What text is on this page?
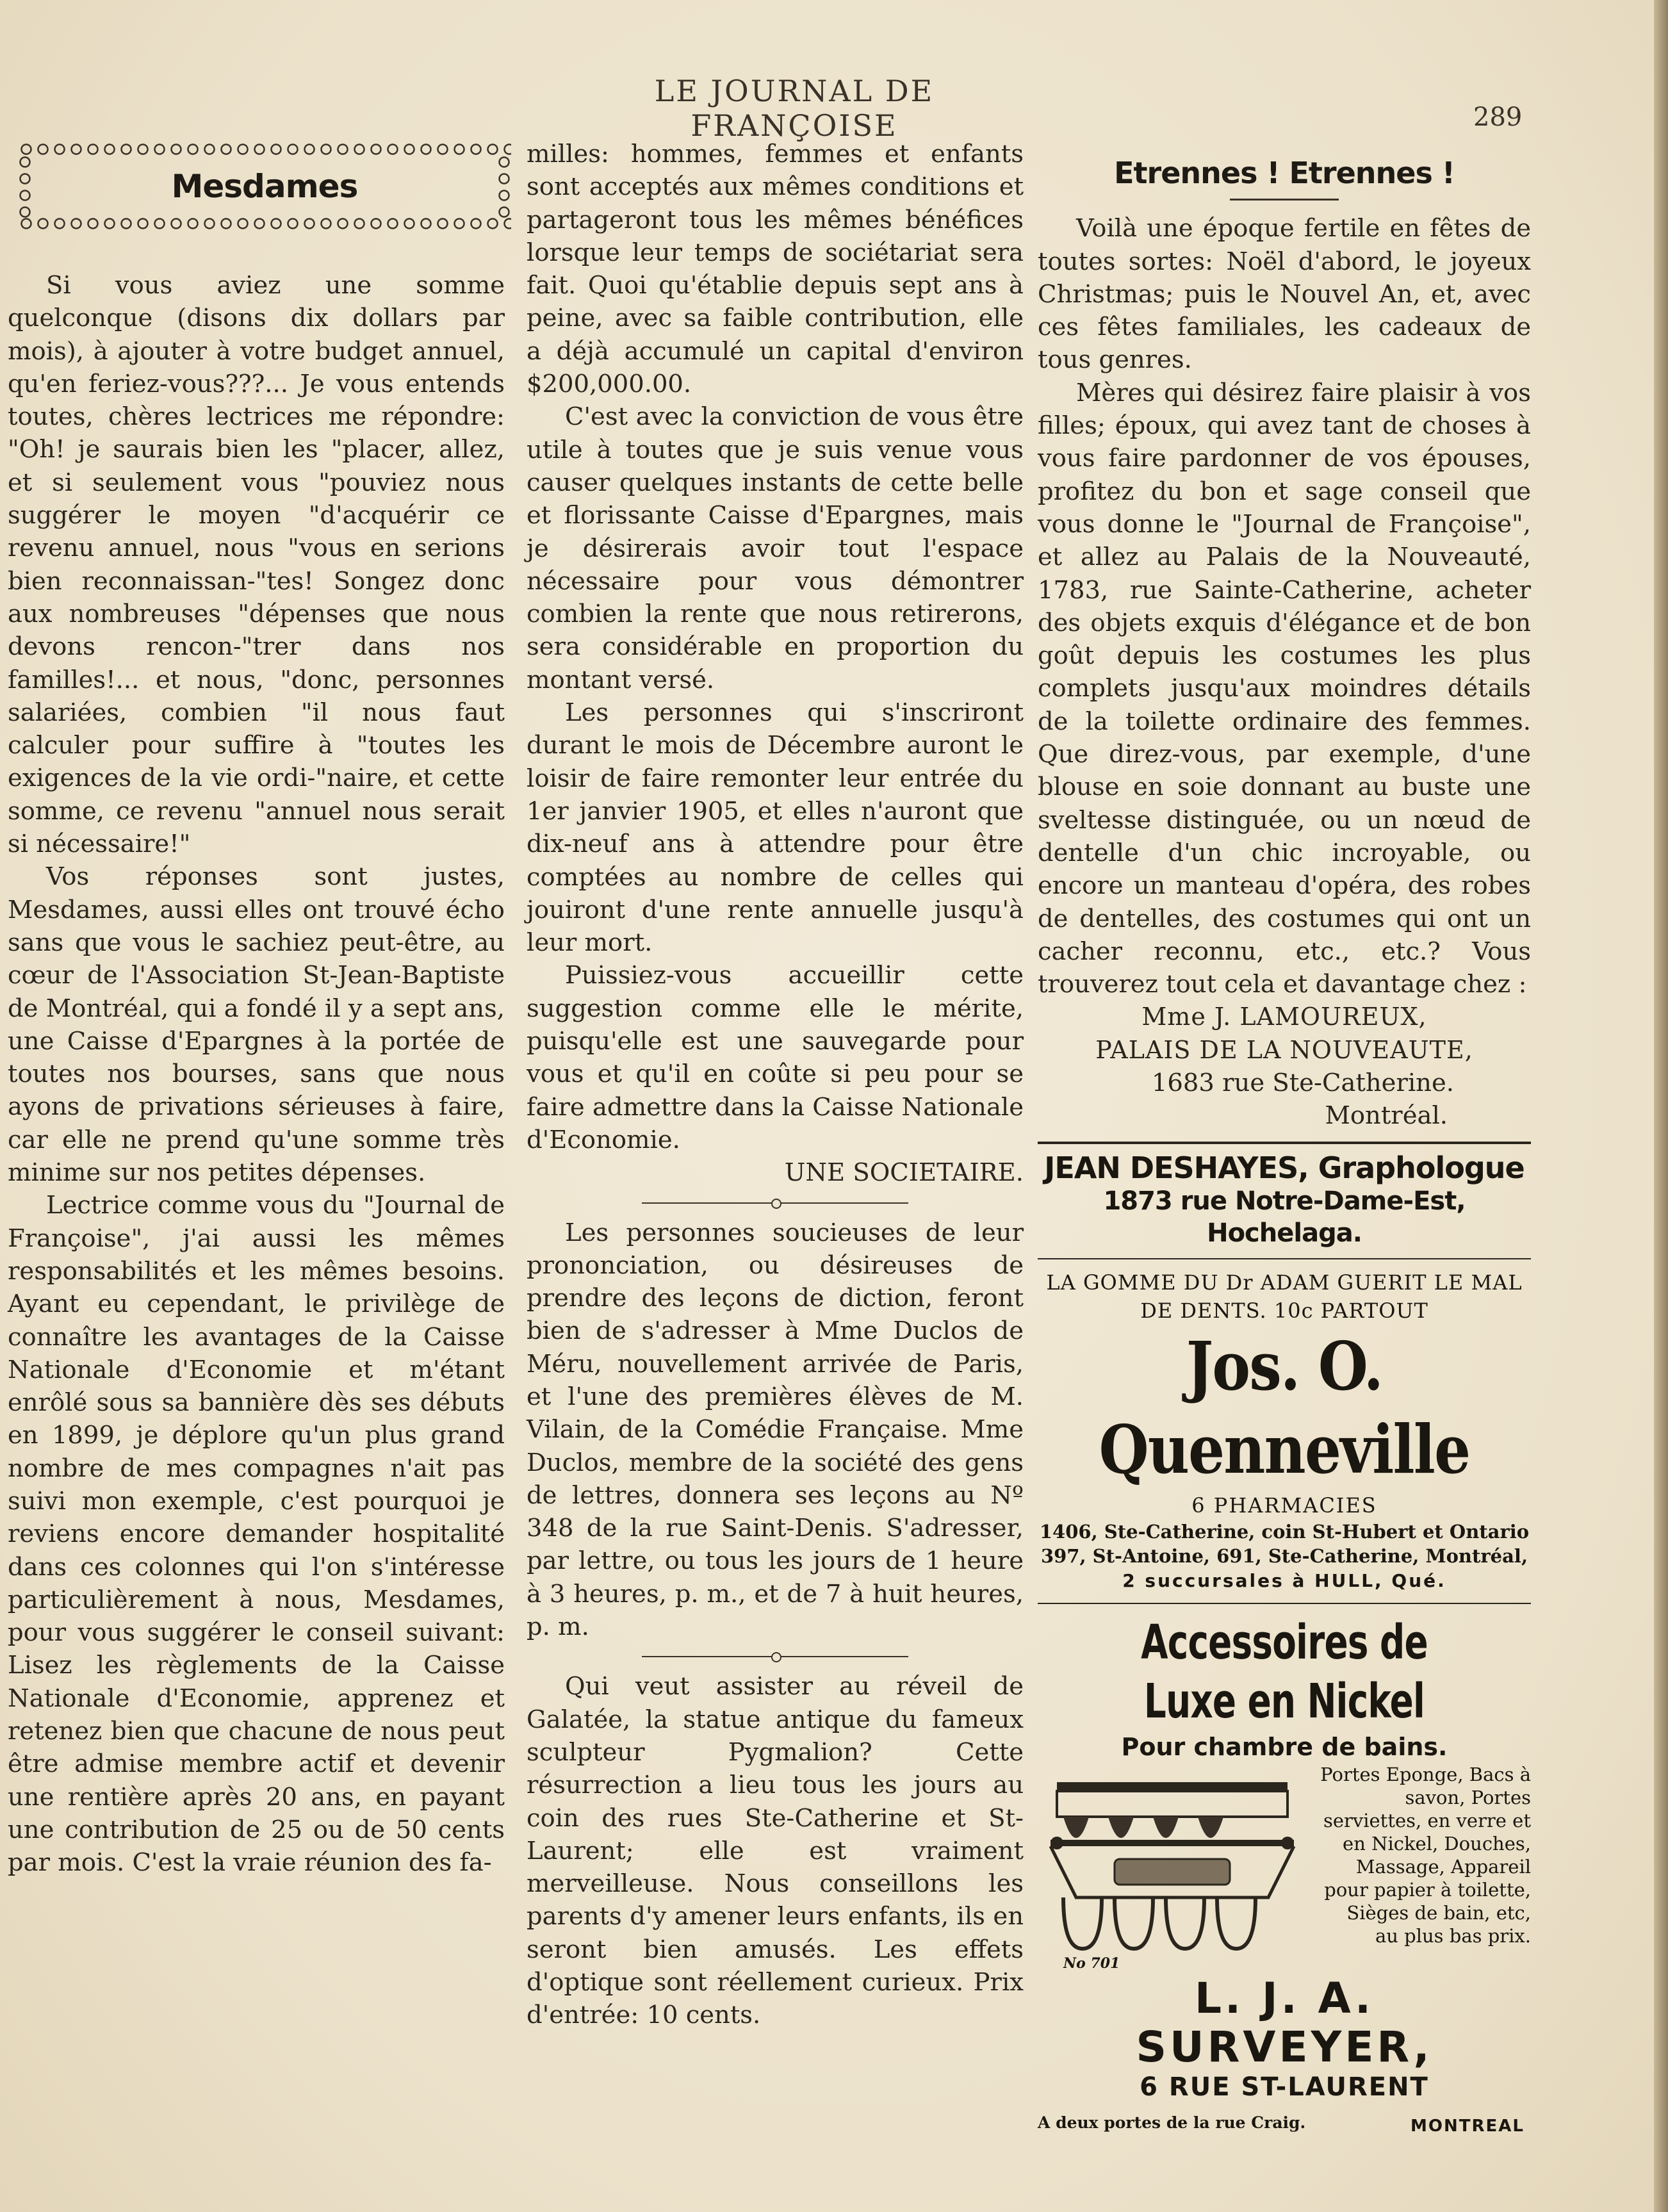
LE JOURNAL DE FRANÇOISE	289
Mesdames

Si vous aviez une somme quelconque (disons dix dollars par mois), à ajouter à votre budget annuel, qu'en feriez-vous???... Je vous entends toutes, chères lectrices me répondre: "Oh! je saurais bien les "placer, allez, et si seulement vous "pouviez nous suggérer le moyen "d'acquérir ce revenu annuel, nous "vous en serions bien reconnaissan-"tes! Songez donc aux nombreuses "dépenses que nous devons rencon-"trer dans nos familles!... et nous, "donc, personnes salariées, combien "il nous faut calculer pour suffire à "toutes les exigences de la vie ordi-"naire, et cette somme, ce revenu "annuel nous serait si nécessaire!"

Vos réponses sont justes, Mesdames, aussi elles ont trouvé écho sans que vous le sachiez peut-être, au cœur de l'Association St-Jean-Baptiste de Montréal, qui a fondé il y a sept ans, une Caisse d'Epargnes à la portée de toutes nos bourses, sans que nous ayons de privations sérieuses à faire, car elle ne prend qu'une somme très minime sur nos petites dépenses.

Lectrice comme vous du "Journal de Françoise", j'ai aussi les mêmes responsabilités et les mêmes besoins. Ayant eu cependant, le privilège de connaître les avantages de la Caisse Nationale d'Economie et m'étant enrôlé sous sa bannière dès ses débuts en 1899, je déplore qu'un plus grand nombre de mes compagnes n'ait pas suivi mon exemple, c'est pourquoi je reviens encore demander hospitalité dans ces colonnes qui l'on s'intéresse particulièrement à nous, Mesdames, pour vous suggérer le conseil suivant: Lisez les règlements de la Caisse Nationale d'Economie, apprenez et retenez bien que chacune de nous peut être admise membre actif et devenir une rentière après 20 ans, en payant une contribution de 25 ou de 50 cents par mois. C'est la vraie réunion des fa-

milles: hommes, femmes et enfants sont acceptés aux mêmes conditions et partageront tous les mêmes bénéfices lorsque leur temps de sociétariat sera fait. Quoi qu'établie depuis sept ans à peine, avec sa faible contribution, elle a déjà accumulé un capital d'environ $200,000.00.

C'est avec la conviction de vous être utile à toutes que je suis venue vous causer quelques instants de cette belle et florissante Caisse d'Epargnes, mais je désirerais avoir tout l'espace nécessaire pour vous démontrer combien la rente que nous retirerons, sera considérable en proportion du montant versé.

Les personnes qui s'inscriront durant le mois de Décembre auront le loisir de faire remonter leur entrée du 1er janvier 1905, et elles n'auront que dix-neuf ans à attendre pour être comptées au nombre de celles qui jouiront d'une rente annuelle jusqu'à leur mort.

Puissiez-vous accueillir cette suggestion comme elle le mérite, puisqu'elle est une sauvegarde pour vous et qu'il en coûte si peu pour se faire admettre dans la Caisse Nationale d'Economie.

UNE SOCIETAIRE.

Les personnes soucieuses de leur prononciation, ou désireuses de prendre des leçons de diction, feront bien de s'adresser à Mme Duclos de Méru, nouvellement arrivée de Paris, et l'une des premières élèves de M. Vilain, de la Comédie Française. Mme Duclos, membre de la société des gens de lettres, donnera ses leçons au Nº 348 de la rue Saint-Denis. S'adresser, par lettre, ou tous les jours de 1 heure à 3 heures, p. m., et de 7 à huit heures, p. m.

Qui veut assister au réveil de Galatée, la statue antique du fameux sculpteur Pygmalion? Cette résurrection a lieu tous les jours au coin des rues Ste-Catherine et St-Laurent; elle est vraiment merveilleuse. Nous conseillons les parents d'y amener leurs enfants, ils en seront bien amusés. Les effets d'optique sont réellement curieux. Prix d'entrée: 10 cents.

Etrennes ! Etrennes !

Voilà une époque fertile en fêtes de toutes sortes: Noël d'abord, le joyeux Christmas; puis le Nouvel An, et, avec ces fêtes familiales, les cadeaux de tous genres.

Mères qui désirez faire plaisir à vos filles; époux, qui avez tant de choses à vous faire pardonner de vos épouses, profitez du bon et sage conseil que vous donne le "Journal de Françoise", et allez au Palais de la Nouveauté, 1783, rue Sainte-Catherine, acheter des objets exquis d'élégance et de bon goût depuis les costumes les plus complets jusqu'aux moindres détails de la toilette ordinaire des femmes. Que direz-vous, par exemple, d'une blouse en soie donnant au buste une sveltesse distinguée, ou un nœud de dentelle d'un chic incroyable, ou encore un manteau d'opéra, des robes de dentelles, des costumes qui ont un cacher reconnu, etc., etc.? Vous trouverez tout cela et davantage chez :

Mme J. LAMOUREUX,
PALAIS DE LA NOUVEAUTE,
1683 rue Ste-Catherine.
Montréal.
JEAN DESHAYES, Graphologue
1873 rue Notre-Dame-Est, Hochelaga.
LA GOMME DU Dr ADAM GUERIT LE MAL
DE DENTS. 10c PARTOUT
Jos. O. Quenneville
6 PHARMACIES
1406, Ste-Catherine, coin St-Hubert et Ontario
397, St-Antoine, 691, Ste-Catherine, Montréal,
2 succursales à HULL, Qué.
Accessoires de Luxe en Nickel
Pour chambre de bains.
No 701
Portes Eponge, Bacs à savon, Portes serviettes, en verre et en Nickel, Douches, Massage, Appareil pour papier à toilette, Sièges de bain, etc, au plus bas prix.
L. J. A. SURVEYER,
6 RUE ST-LAURENT
A deux portes de la rue Craig.	MONTREAL
